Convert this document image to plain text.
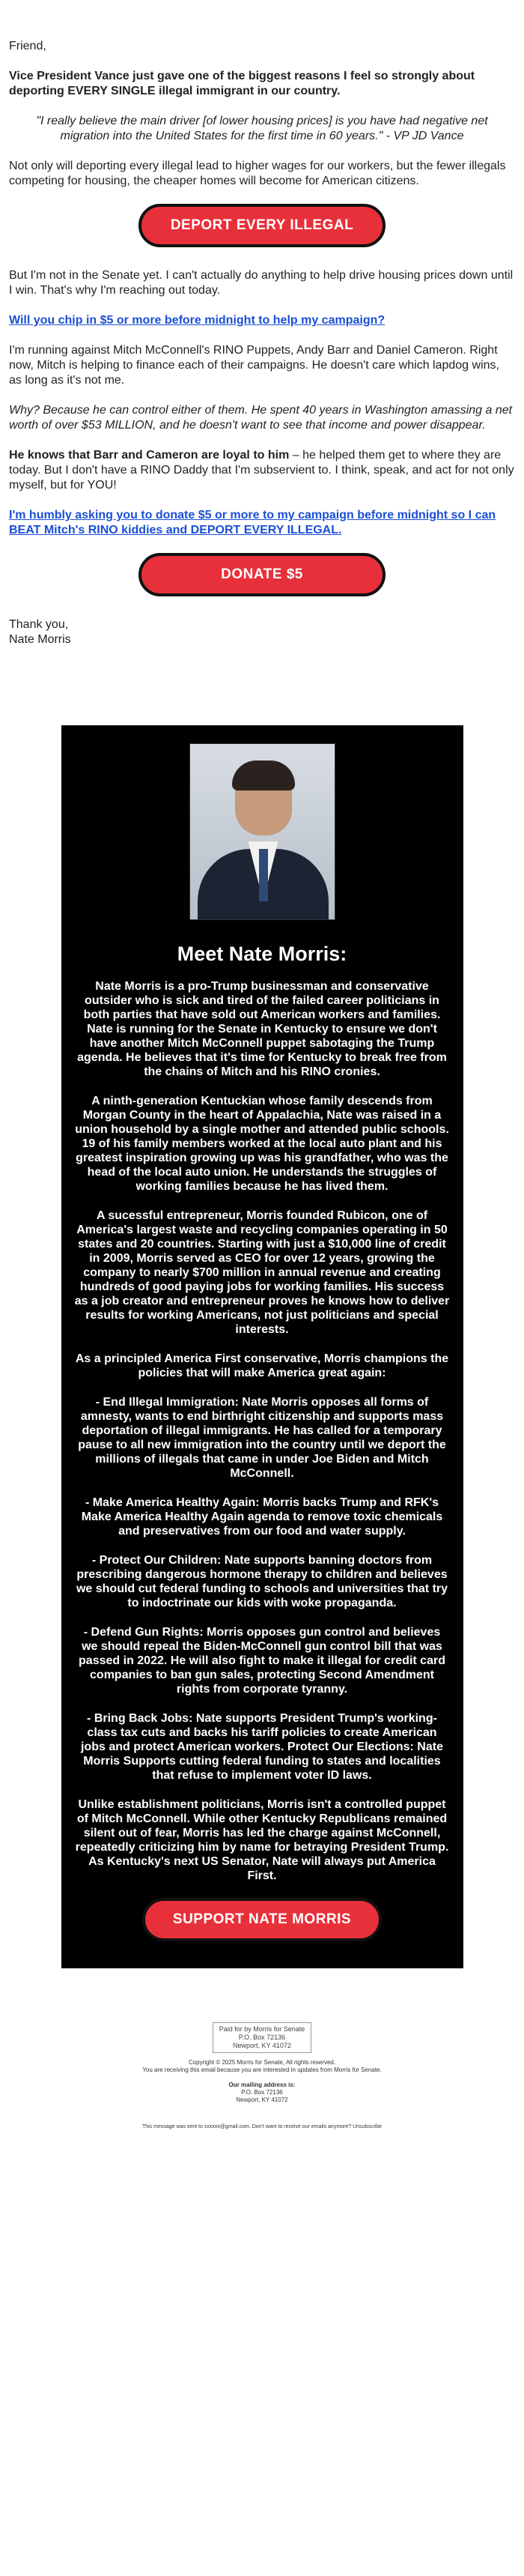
Friend,

Vice President Vance just gave one of the biggest reasons I feel so strongly about deporting EVERY SINGLE illegal immigrant in our country.

"I really believe the main driver [of lower housing prices] is you have had negative net migration into the United States for the first time in 60 years." - VP JD Vance

Not only will deporting every illegal lead to higher wages for our workers, but the fewer illegals competing for housing, the cheaper homes will become for American citizens.

DEPORT EVERY ILLEGAL

But I'm not in the Senate yet. I can't actually do anything to help drive housing prices down until I win. That's why I'm reaching out today.

Will you chip in $5 or more before midnight to help my campaign?

I'm running against Mitch McConnell's RINO Puppets, Andy Barr and Daniel Cameron. Right now, Mitch is helping to finance each of their campaigns. He doesn't care which lapdog wins, as long as it's not me.

Why? Because he can control either of them. He spent 40 years in Washington amassing a net worth of over $53 MILLION, and he doesn't want to see that income and power disappear.

He knows that Barr and Cameron are loyal to him – he helped them get to where they are today. But I don't have a RINO Daddy that I'm subservient to. I think, speak, and act for not only myself, but for YOU!

I'm humbly asking you to donate $5 or more to my campaign before midnight so I can BEAT Mitch's RINO kiddies and DEPORT EVERY ILLEGAL.

DONATE $5
Thank you,
Nate Morris
Meet Nate Morris:

Nate Morris is a pro-Trump businessman and conservative outsider who is sick and tired of the failed career politicians in both parties that have sold out American workers and families. Nate is running for the Senate in Kentucky to ensure we don't have another Mitch McConnell puppet sabotaging the Trump agenda. He believes that it's time for Kentucky to break free from the chains of Mitch and his RINO cronies.

A ninth-generation Kentuckian whose family descends from Morgan County in the heart of Appalachia, Nate was raised in a union household by a single mother and attended public schools. 19 of his family members worked at the local auto plant and his greatest inspiration growing up was his grandfather, who was the head of the local auto union. He understands the struggles of working families because he has lived them.

A sucessful entrepreneur, Morris founded Rubicon, one of America's largest waste and recycling companies operating in 50 states and 20 countries. Starting with just a $10,000 line of credit in 2009, Morris served as CEO for over 12 years, growing the company to nearly $700 million in annual revenue and creating hundreds of good paying jobs for working families. His success as a job creator and entrepreneur proves he knows how to deliver results for working Americans, not just politicians and special interests.

As a principled America First conservative, Morris champions the policies that will make America great again:

- End Illegal Immigration: Nate Morris opposes all forms of amnesty, wants to end birthright citizenship and supports mass deportation of illegal immigrants. He has called for a temporary pause to all new immigration into the country until we deport the millions of illegals that came in under Joe Biden and Mitch McConnell.

- Make America Healthy Again: Morris backs Trump and RFK's Make America Healthy Again agenda to remove toxic chemicals and preservatives from our food and water supply.

- Protect Our Children: Nate supports banning doctors from prescribing dangerous hormone therapy to children and believes we should cut federal funding to schools and universities that try to indoctrinate our kids with woke propaganda.

- Defend Gun Rights: Morris opposes gun control and believes we should repeal the Biden-McConnell gun control bill that was passed in 2022. He will also fight to make it illegal for credit card companies to ban gun sales, protecting Second Amendment rights from corporate tyranny.

- Bring Back Jobs: Nate supports President Trump's working-class tax cuts and backs his tariff policies to create American jobs and protect American workers. Protect Our Elections: Nate Morris Supports cutting federal funding to states and localities that refuse to implement voter ID laws.

Unlike establishment politicians, Morris isn't a controlled puppet of Mitch McConnell. While other Kentucky Republicans remained silent out of fear, Morris has led the charge against McConnell, repeatedly criticizing him by name for betraying President Trump. As Kentucky's next US Senator, Nate will always put America First.

SUPPORT NATE MORRIS
Paid for by Morris for Senate
P.O. Box 72136
Newport, KY 41072
Copyright © 2025 Morris for Senate, All rights reserved.
You are receiving this email because you are interested in updates from Morris for Senate.
Our mailing address is:
P.O. Box 72136
Newport, KY 41072
This message was sent to xxxxxx@gmail.com. Don't want to receive our emails anymore? Unsubscribe
